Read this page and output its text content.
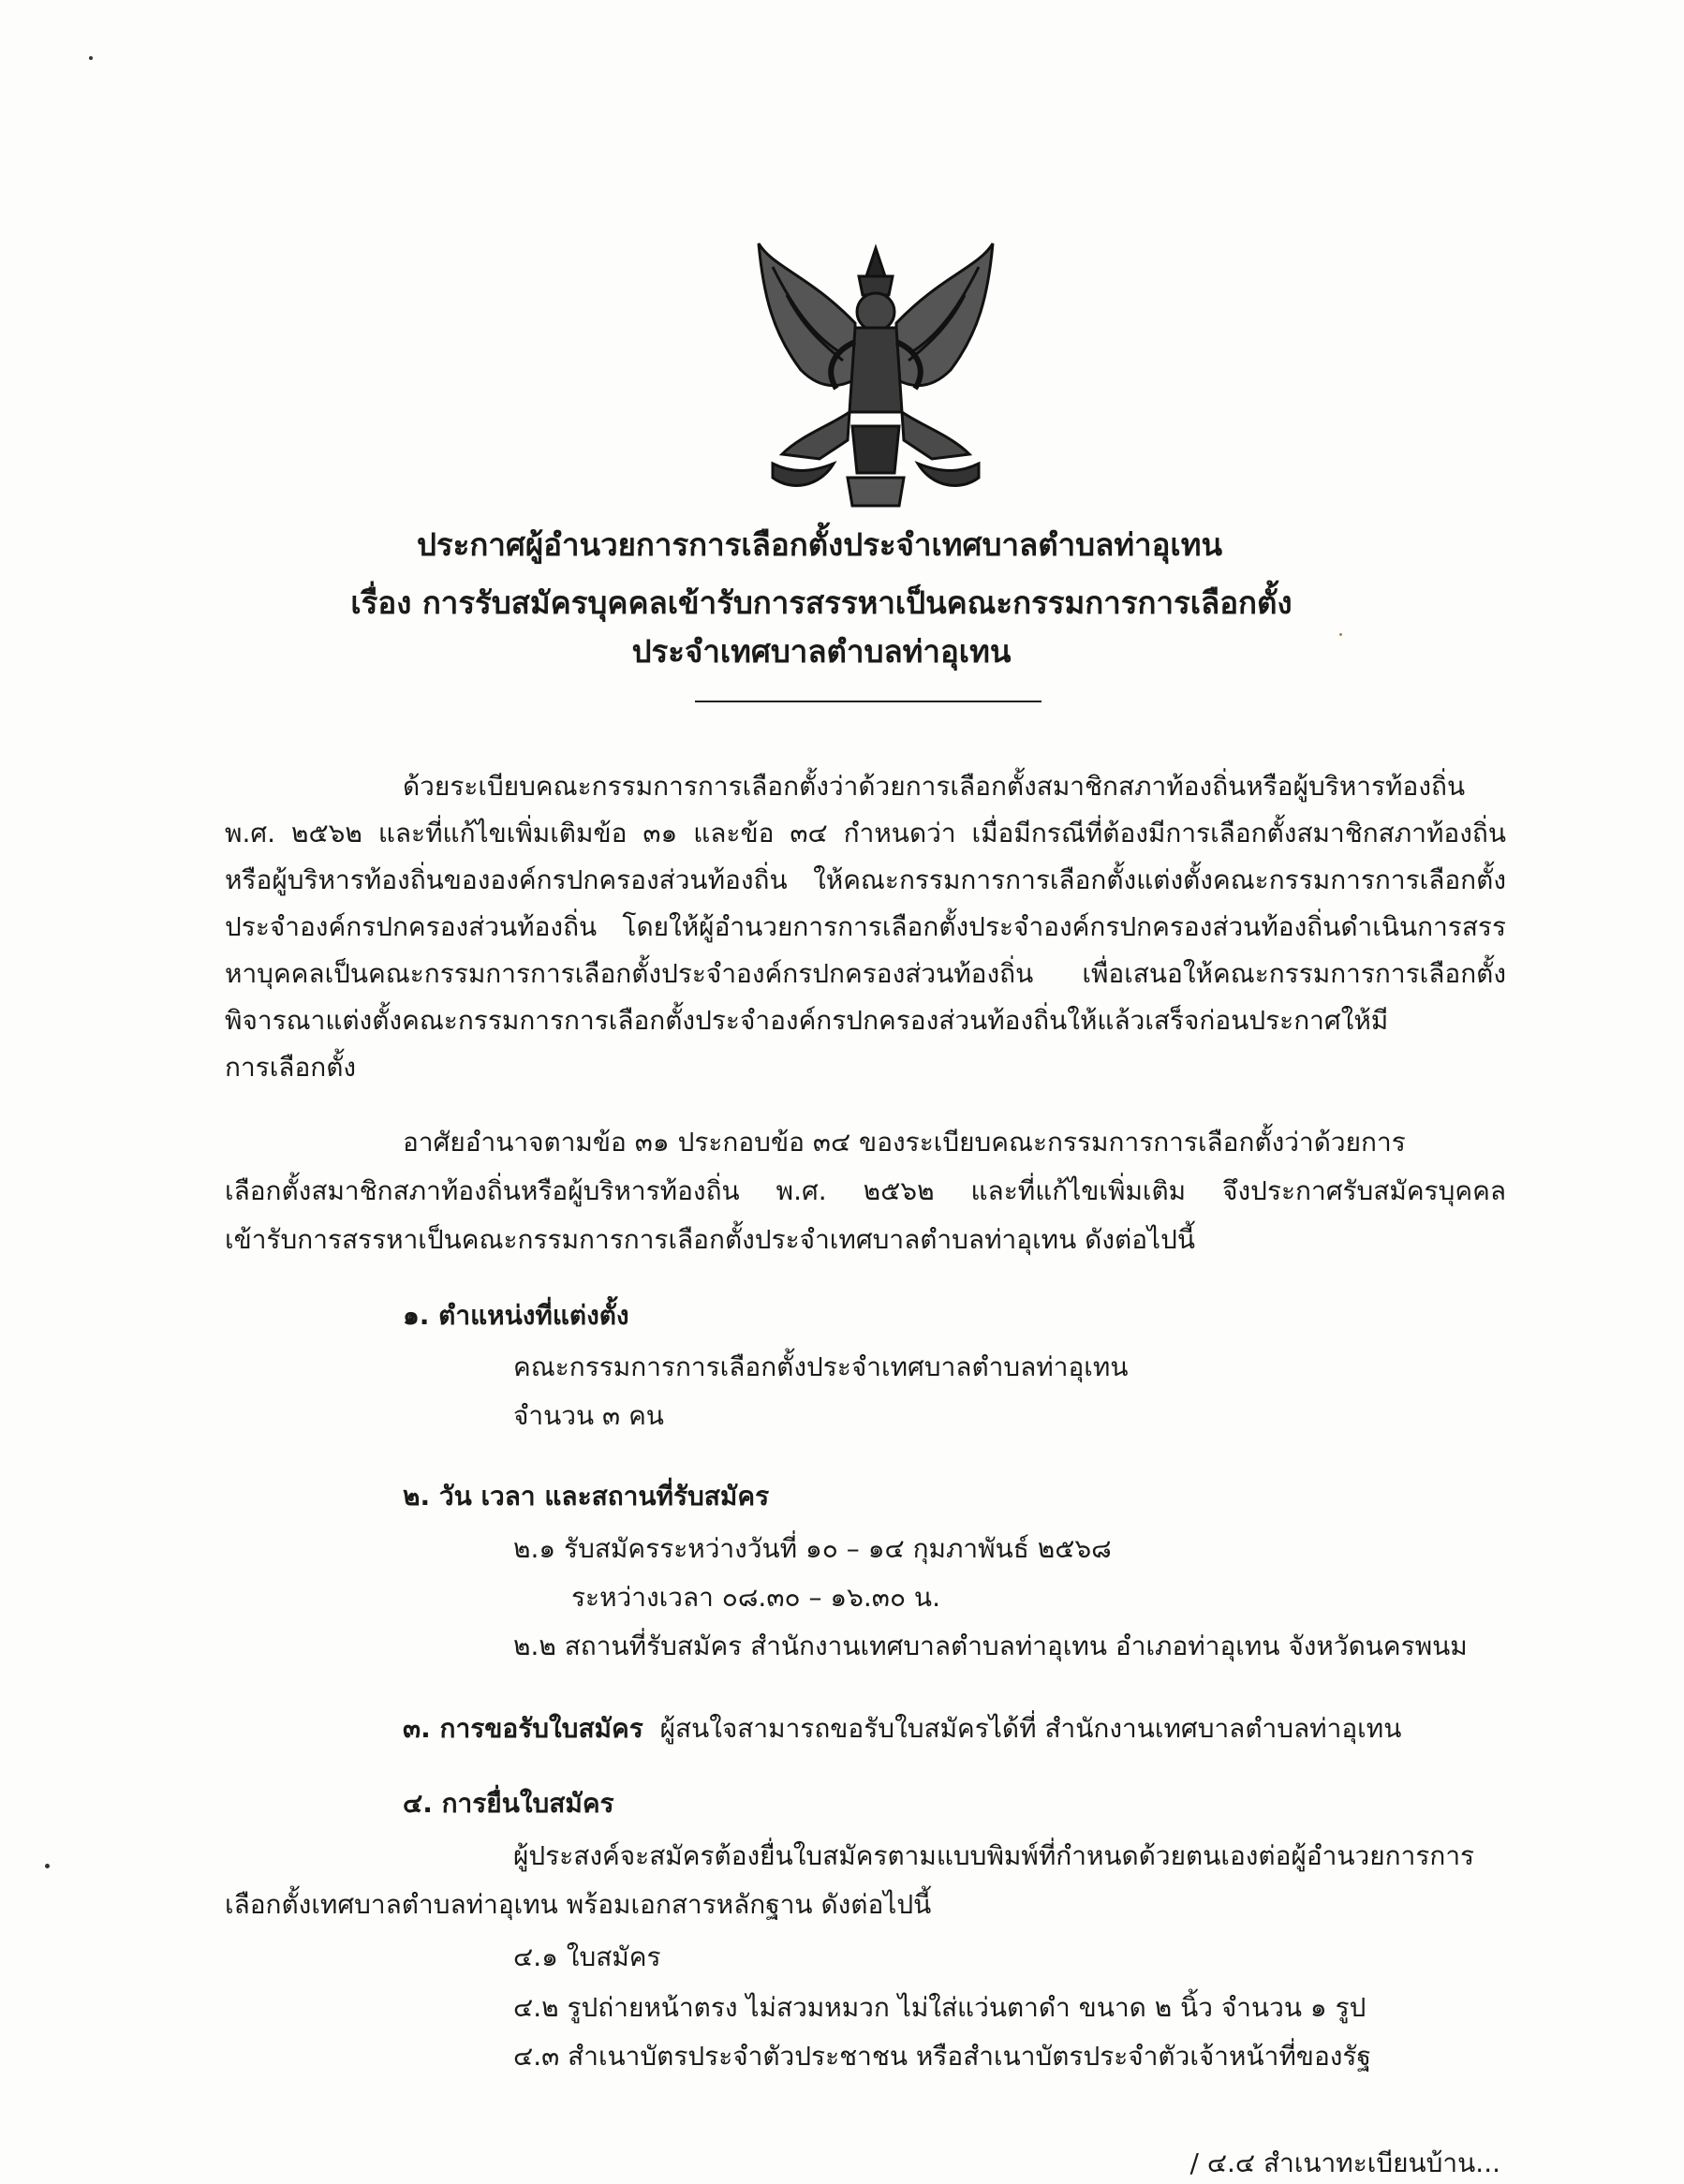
ประกาศผู้อำนวยการการเลือกตั้งประจำเทศบาลตำบลท่าอุเทน
เรื่อง การรับสมัครบุคคลเข้ารับการสรรหาเป็นคณะกรรมการการเลือกตั้ง
ประจำเทศบาลตำบลท่าอุเทน
ด้วยระเบียบคณะกรรมการการเลือกตั้งว่าด้วยการเลือกตั้งสมาชิกสภาท้องถิ่นหรือผู้บริหารท้องถิ่น
พ.ศ. ๒๕๖๒ และที่แก้ไขเพิ่มเติมข้อ ๓๑ และข้อ ๓๔ กำหนดว่า เมื่อมีกรณีที่ต้องมีการเลือกตั้งสมาชิกสภาท้องถิ่น
หรือผู้บริหารท้องถิ่นขององค์กรปกครองส่วนท้องถิ่น ให้คณะกรรมการการเลือกตั้งแต่งตั้งคณะกรรมการการเลือกตั้ง
ประจำองค์กรปกครองส่วนท้องถิ่น โดยให้ผู้อำนวยการการเลือกตั้งประจำองค์กรปกครองส่วนท้องถิ่นดำเนินการสรร
หาบุคคลเป็นคณะกรรมการการเลือกตั้งประจำองค์กรปกครองส่วนท้องถิ่น เพื่อเสนอให้คณะกรรมการการเลือกตั้ง
พิจารณาแต่งตั้งคณะกรรมการการเลือกตั้งประจำองค์กรปกครองส่วนท้องถิ่นให้แล้วเสร็จก่อนประกาศให้มี
การเลือกตั้ง
อาศัยอำนาจตามข้อ ๓๑ ประกอบข้อ ๓๔ ของระเบียบคณะกรรมการการเลือกตั้งว่าด้วยการ
เลือกตั้งสมาชิกสภาท้องถิ่นหรือผู้บริหารท้องถิ่น พ.ศ. ๒๕๖๒ และที่แก้ไขเพิ่มเติม จึงประกาศรับสมัครบุคคล
เข้ารับการสรรหาเป็นคณะกรรมการการเลือกตั้งประจำเทศบาลตำบลท่าอุเทน ดังต่อไปนี้
๑. ตำแหน่งที่แต่งตั้ง
คณะกรรมการการเลือกตั้งประจำเทศบาลตำบลท่าอุเทน
จำนวน ๓ คน
๒. วัน เวลา และสถานที่รับสมัคร
๒.๑ รับสมัครระหว่างวันที่ ๑๐ – ๑๔ กุมภาพันธ์ ๒๕๖๘
ระหว่างเวลา ๐๘.๓๐ – ๑๖.๓๐ น.
๒.๒ สถานที่รับสมัคร สำนักงานเทศบาลตำบลท่าอุเทน อำเภอท่าอุเทน จังหวัดนครพนม
๓. การขอรับใบสมัคร ผู้สนใจสามารถขอรับใบสมัครได้ที่ สำนักงานเทศบาลตำบลท่าอุเทน
๔. การยื่นใบสมัคร
ผู้ประสงค์จะสมัครต้องยื่นใบสมัครตามแบบพิมพ์ที่กำหนดด้วยตนเองต่อผู้อำนวยการการ
เลือกตั้งเทศบาลตำบลท่าอุเทน พร้อมเอกสารหลักฐาน ดังต่อไปนี้
๔.๑ ใบสมัคร
๔.๒ รูปถ่ายหน้าตรง ไม่สวมหมวก ไม่ใส่แว่นตาดำ ขนาด ๒ นิ้ว จำนวน ๑ รูป
๔.๓ สำเนาบัตรประจำตัวประชาชน หรือสำเนาบัตรประจำตัวเจ้าหน้าที่ของรัฐ
/ ๔.๔ สำเนาทะเบียนบ้าน...
